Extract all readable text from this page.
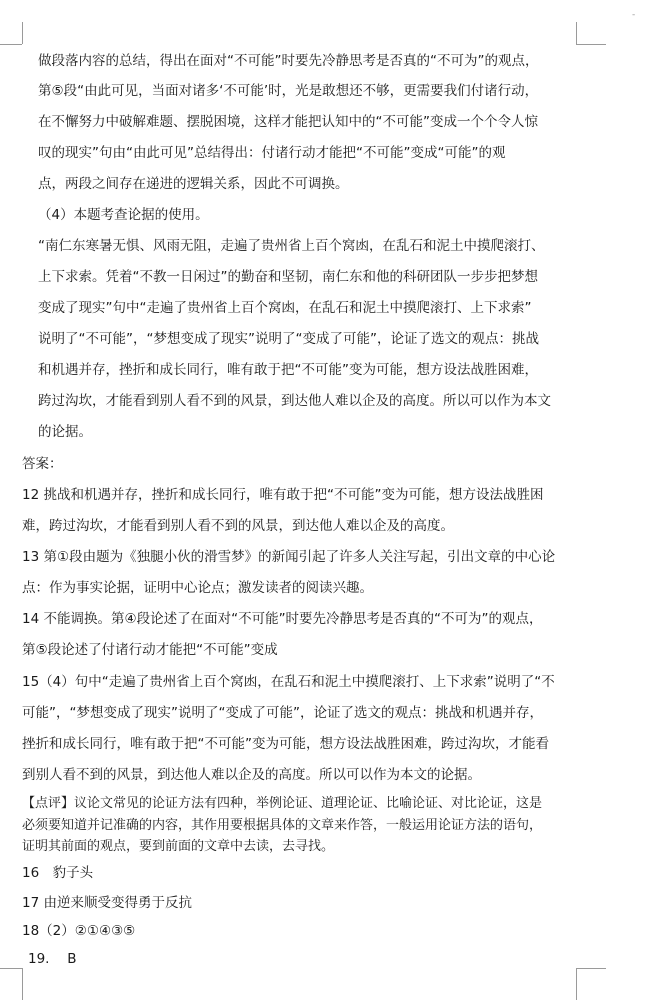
-
做段落内容的总结，得出在面对“不可能”时要先冷静思考是否真的“不可为”的观点，
第⑤段“由此可见，当面对诸多‘不可能’时，光是敢想还不够，更需要我们付诸行动，
在不懈努力中破解难题、摆脱困境，这样才能把认知中的“不可能”变成一个个令人惊
叹的现实”句由“由此可见”总结得出：付诸行动才能把“不可能”变成“可能”的观
点，两段之间存在递进的逻辑关系，因此不可调换。
（4）本题考查论据的使用。
“南仁东寒暑无惧、风雨无阻，走遍了贵州省上百个窝凼，在乱石和泥土中摸爬滚打、
上下求索。凭着“不教一日闲过”的勤奋和坚韧，南仁东和他的科研团队一步步把梦想
变成了现实”句中“走遍了贵州省上百个窝凼，在乱石和泥土中摸爬滚打、上下求索”
说明了“不可能”，“梦想变成了现实”说明了“变成了可能”，论证了选文的观点：挑战
和机遇并存，挫折和成长同行，唯有敢于把“不可能”变为可能，想方设法战胜困难，
跨过沟坎，才能看到别人看不到的风景，到达他人难以企及的高度。所以可以作为本文
的论据。
答案：
12 挑战和机遇并存，挫折和成长同行，唯有敢于把“不可能”变为可能，想方设法战胜困
难，跨过沟坎，才能看到别人看不到的风景，到达他人难以企及的高度。
13 第①段由题为《独腿小伙的滑雪梦》的新闻引起了许多人关注写起，引出文章的中心论
点：作为事实论据，证明中心论点；激发读者的阅读兴趣。
14 不能调换。第④段论述了在面对“不可能”时要先冷静思考是否真的“不可为”的观点，
第⑤段论述了付诸行动才能把“不可能”变成
15（4）句中“走遍了贵州省上百个窝凼，在乱石和泥土中摸爬滚打、上下求索”说明了“不
可能”，“梦想变成了现实”说明了“变成了可能”，论证了选文的观点：挑战和机遇并存，
挫折和成长同行，唯有敢于把“不可能”变为可能，想方设法战胜困难，跨过沟坎，才能看
到别人看不到的风景，到达他人难以企及的高度。所以可以作为本文的论据。
【点评】议论文常见的论证方法有四种，举例论证、道理论证、比喻论证、对比论证，这是
必须要知道并记准确的内容，其作用要根据具体的文章来作答，一般运用论证方法的语句，
证明其前面的观点，要到前面的文章中去读，去寻找。
16　豹子头
17 由逆来顺受变得勇于反抗
18（2）②①④③⑤
19.　 B
